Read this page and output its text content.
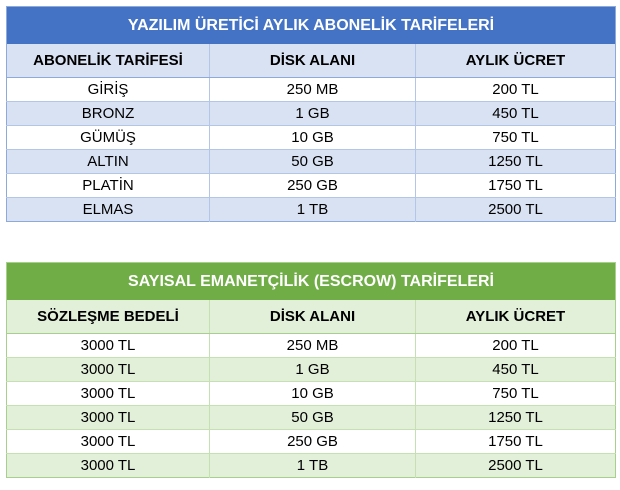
YAZILIM ÜRETİCİ AYLIK ABONELİK TARİFELERİ		
ABONELİK TARİFESİ	DİSK ALANI	AYLIK ÜCRET
GİRİŞ	250 MB	200 TL
BRONZ	1 GB	450 TL
GÜMÜŞ	10 GB	750 TL
ALTIN	50 GB	1250 TL
PLATİN	250 GB	1750 TL
ELMAS	1 TB	2500 TL
SAYISAL EMANETÇİLİK (ESCROW) TARİFELERİ		
SÖZLEŞME BEDELİ	DİSK ALANI	AYLIK ÜCRET
3000 TL	250 MB	200 TL
3000 TL	1 GB	450 TL
3000 TL	10 GB	750 TL
3000 TL	50 GB	1250 TL
3000 TL	250 GB	1750 TL
3000 TL	1 TB	2500 TL
